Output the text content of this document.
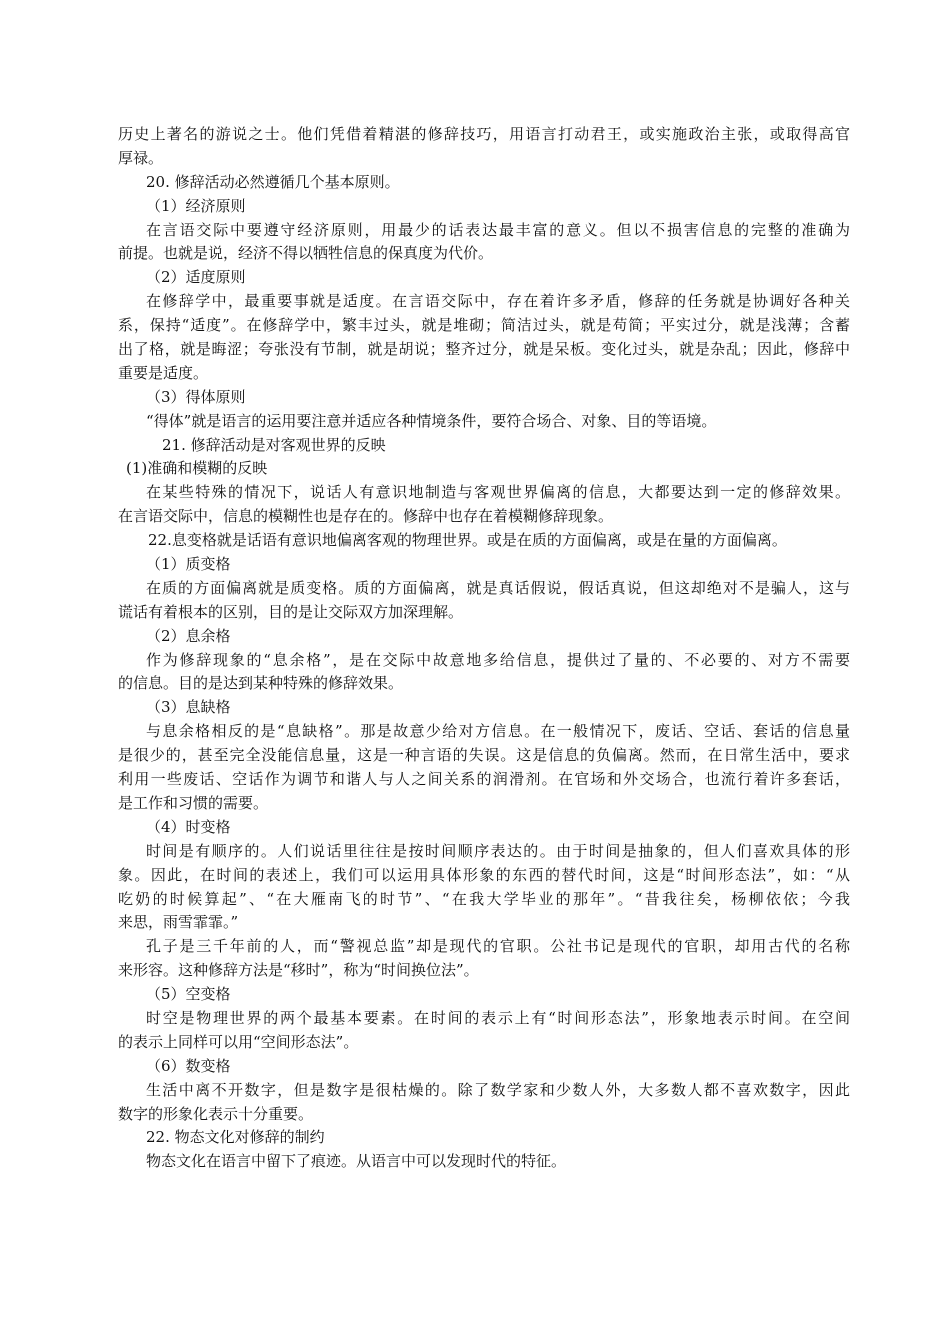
历史上著名的游说之士。他们凭借着精湛的修辞技巧，用语言打动君王，或实施政治主张，或取得高官
厚禄。
20. 修辞活动必然遵循几个基本原则。
（1）经济原则
在言语交际中要遵守经济原则，用最少的话表达最丰富的意义。但以不损害信息的完整的准确为
前提。也就是说，经济不得以牺牲信息的保真度为代价。
（2）适度原则
在修辞学中，最重要事就是适度。在言语交际中，存在着许多矛盾，修辞的任务就是协调好各种关
系，保持“适度”。在修辞学中，繁丰过头，就是堆砌；简洁过头，就是苟简；平实过分，就是浅薄；含蓄
出了格，就是晦涩；夸张没有节制，就是胡说；整齐过分，就是呆板。变化过头，就是杂乱；因此，修辞中
重要是适度。
（3）得体原则
“得体”就是语言的运用要注意并适应各种情境条件，要符合场合、对象、目的等语境。
21. 修辞活动是对客观世界的反映
(1)准确和模糊的反映
在某些特殊的情况下，说话人有意识地制造与客观世界偏离的信息，大都要达到一定的修辞效果。
在言语交际中，信息的模糊性也是存在的。修辞中也存在着模糊修辞现象。
22.息变格就是话语有意识地偏离客观的物理世界。或是在质的方面偏离，或是在量的方面偏离。
（1）质变格
在质的方面偏离就是质变格。质的方面偏离，就是真话假说，假话真说，但这却绝对不是骗人，这与
谎话有着根本的区别，目的是让交际双方加深理解。
（2）息余格
作为修辞现象的“息余格”，是在交际中故意地多给信息，提供过了量的、不必要的、对方不需要
的信息。目的是达到某种特殊的修辞效果。
（3）息缺格
与息余格相反的是“息缺格”。那是故意少给对方信息。在一般情况下，废话、空话、套话的信息量
是很少的，甚至完全没能信息量，这是一种言语的失误。这是信息的负偏离。然而，在日常生活中，要求
利用一些废话、空话作为调节和谐人与人之间关系的润滑剂。在官场和外交场合，也流行着许多套话，
是工作和习惯的需要。
（4）时变格
时间是有顺序的。人们说话里往往是按时间顺序表达的。由于时间是抽象的，但人们喜欢具体的形
象。因此，在时间的表述上，我们可以运用具体形象的东西的替代时间，这是“时间形态法”，如：“从
吃奶的时候算起”、“在大雁南飞的时节”、“在我大学毕业的那年”。“昔我往矣，杨柳依依；今我
来思，雨雪霏霏。”
孔子是三千年前的人，而“警视总监”却是现代的官职。公社书记是现代的官职，却用古代的名称
来形容。这种修辞方法是“移时”，称为“时间换位法”。
（5）空变格
时空是物理世界的两个最基本要素。在时间的表示上有“时间形态法”，形象地表示时间。在空间
的表示上同样可以用“空间形态法”。
（6）数变格
生活中离不开数字，但是数字是很枯燥的。除了数学家和少数人外，大多数人都不喜欢数字，因此
数字的形象化表示十分重要。
22. 物态文化对修辞的制约
物态文化在语言中留下了痕迹。从语言中可以发现时代的特征。
